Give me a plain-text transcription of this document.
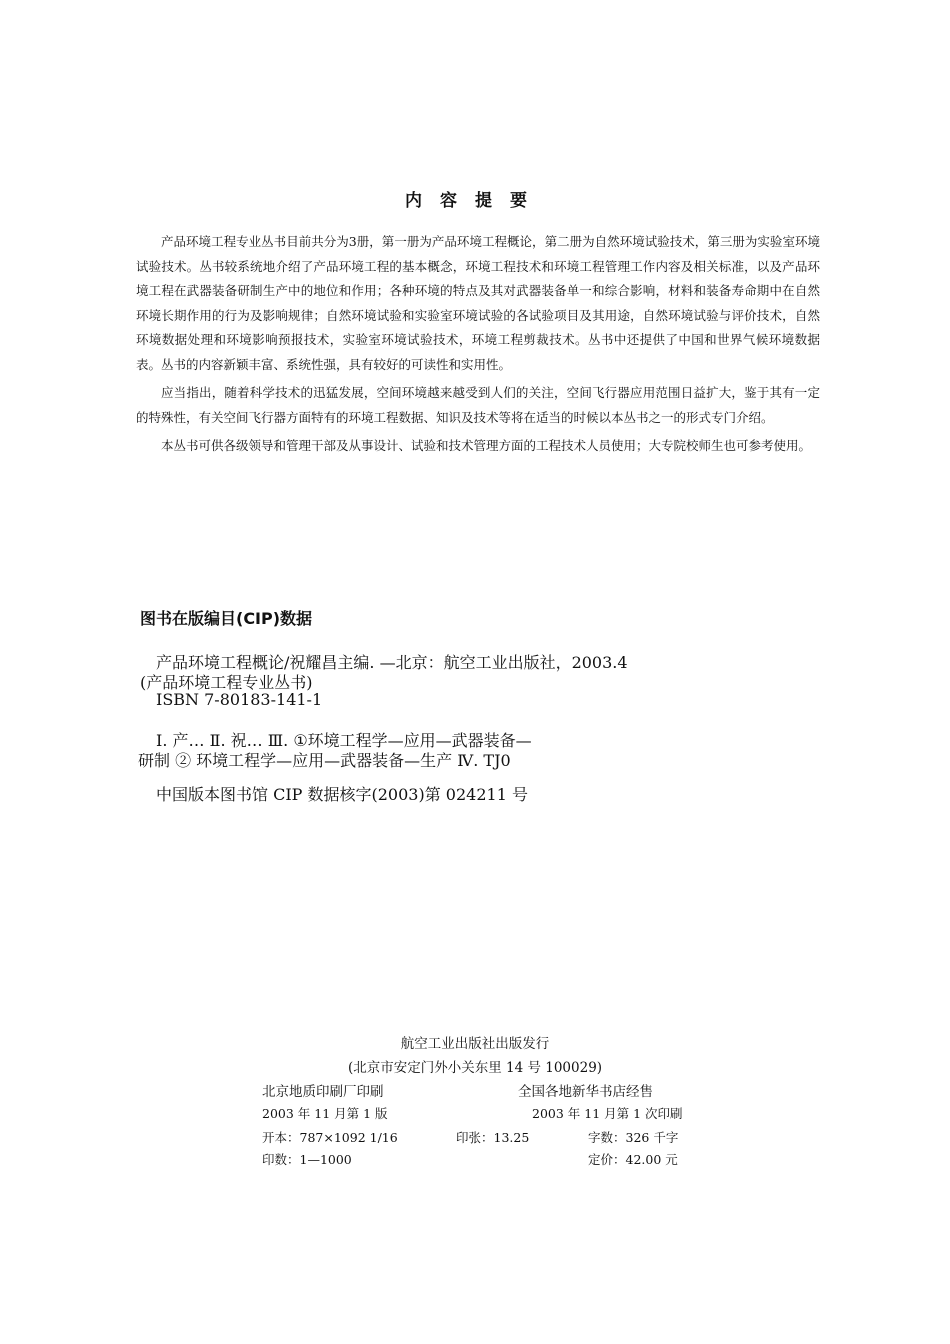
内容提要

产品环境工程专业丛书目前共分为3册，第一册为产品环境工程概论，第二册为自然环境试验技术，第三册为实验室环境试验技术。丛书较系统地介绍了产品环境工程的基本概念，环境工程技术和环境工程管理工作内容及相关标准，以及产品环境工程在武器装备研制生产中的地位和作用；各种环境的特点及其对武器装备单一和综合影响，材料和装备寿命期中在自然环境长期作用的行为及影响规律；自然环境试验和实验室环境试验的各试验项目及其用途，自然环境试验与评价技术，自然环境数据处理和环境影响预报技术，实验室环境试验技术，环境工程剪裁技术。丛书中还提供了中国和世界气候环境数据表。丛书的内容新颖丰富、系统性强，具有较好的可读性和实用性。

应当指出，随着科学技术的迅猛发展，空间环境越来越受到人们的关注，空间飞行器应用范围日益扩大，鉴于其有一定的特殊性，有关空间飞行器方面特有的环境工程数据、知识及技术等将在适当的时候以本丛书之一的形式专门介绍。

本丛书可供各级领导和管理干部及从事设计、试验和技术管理方面的工程技术人员使用；大专院校师生也可参考使用。

图书在版编目(CIP)数据
产品环境工程概论/祝耀昌主编. —北京：航空工业出版社，2003.4
(产品环境工程专业丛书)
ISBN 7-80183-141-1
Ⅰ. 产… Ⅱ. 祝… Ⅲ. ①环境工程学—应用—武器装备—
研制 ② 环境工程学—应用—武器装备—生产 Ⅳ. TJ0
中国版本图书馆 CIP 数据核字(2003)第 024211 号
航空工业出版社出版发行
(北京市安定门外小关东里 14 号 100029)
北京地质印刷厂印刷	全国各地新华书店经售
2003 年 11 月第 1 版	2003 年 11 月第 1 次印刷
开本：787×1092 1/16	印张：13.25	字数：326 千字
印数：1—1000	定价：42.00 元
